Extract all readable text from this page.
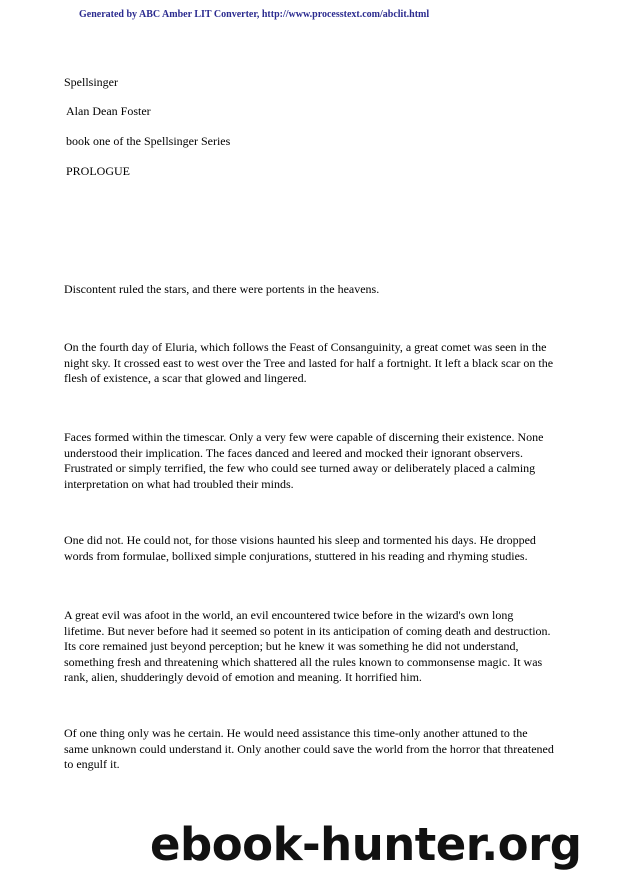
Generated by ABC Amber LIT Converter, http://www.processtext.com/abclit.html
Spellsinger
Alan Dean Foster
book one of the Spellsinger Series
PROLOGUE
Discontent ruled the stars, and there were portents in the heavens.
On the fourth day of Eluria, which follows the Feast of Consanguinity, a great comet was seen in the night sky. It crossed east to west over the Tree and lasted for half a fortnight. It left a black scar on the flesh of existence, a scar that glowed and lingered.
Faces formed within the timescar. Only a very few were capable of discerning their existence. None understood their implication. The faces danced and leered and mocked their ignorant observers. Frustrated or simply terrified, the few who could see turned away or deliberately placed a calming interpretation on what had troubled their minds.
One did not. He could not, for those visions haunted his sleep and tormented his days. He dropped words from formulae, bollixed simple conjurations, stuttered in his reading and rhyming studies.
A great evil was afoot in the world, an evil encountered twice before in the wizard's own long lifetime. But never before had it seemed so potent in its anticipation of coming death and destruction. Its core remained just beyond perception; but he knew it was something he did not understand, something fresh and threatening which shattered all the rules known to commonsense magic. It was rank, alien, shudderingly devoid of emotion and meaning. It horrified him.
Of one thing only was he certain. He would need assistance this time-only another attuned to the same unknown could understand it. Only another could save the world from the horror that threatened to engulf it.
ebook-hunter.org
